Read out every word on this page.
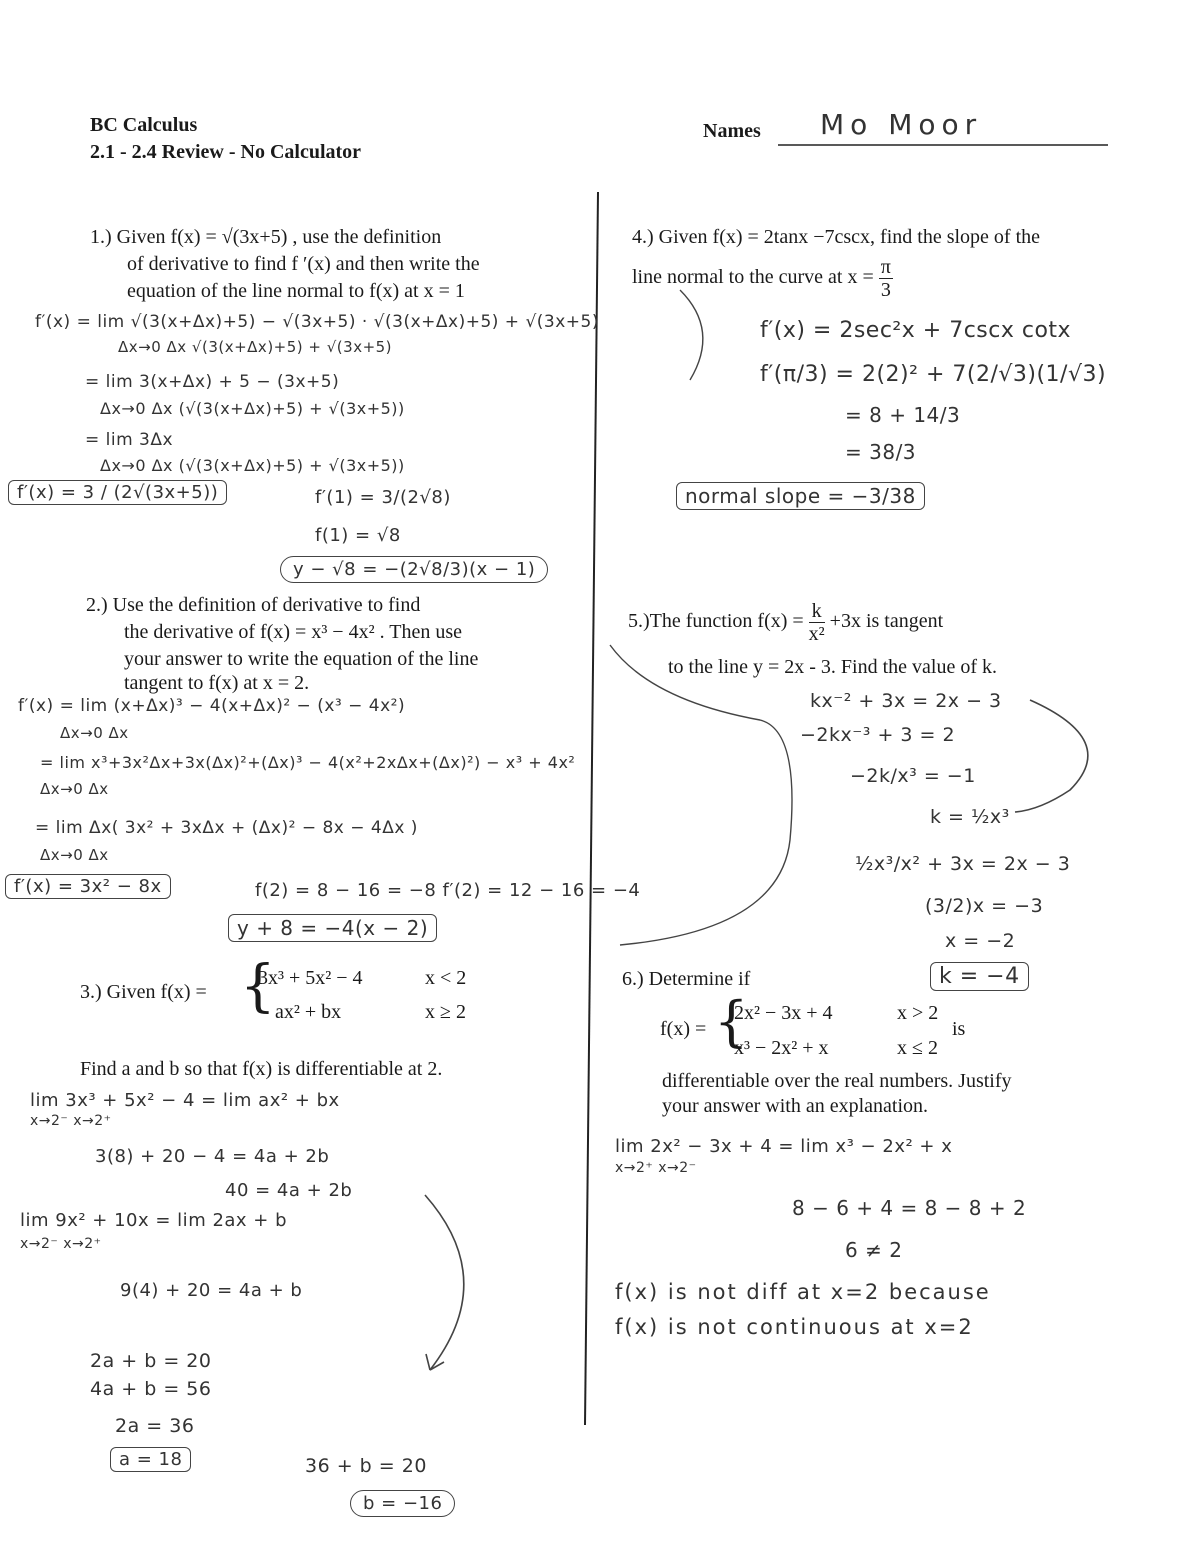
BC Calculus
2.1 - 2.4 Review - No Calculator
Names Mo Moor
1.) Given f(x) = √(3x+5) , use the definition
of derivative to find f ′(x) and then write the
equation of the line normal to f(x) at x = 1
f′(x) = lim √(3(x+Δx)+5) − √(3x+5) · √(3(x+Δx)+5) + √(3x+5)
Δx→0 Δx √(3(x+Δx)+5) + √(3x+5)
= lim 3(x+Δx) + 5 − (3x+5)
Δx→0 Δx (√(3(x+Δx)+5) + √(3x+5))
= lim 3Δx
Δx→0 Δx (√(3(x+Δx)+5) + √(3x+5))
f′(x) = 3 / (2√(3x+5))	f′(1) = 3/(2√8)
f(1) = √8
y − √8 = −(2√8/3)(x − 1)
2.) Use the definition of derivative to find
the derivative of f(x) = x³ − 4x² . Then use
your answer to write the equation of the line
tangent to f(x) at x = 2.
f′(x) = lim (x+Δx)³ − 4(x+Δx)² − (x³ − 4x²)
Δx→0 Δx
= lim x³+3x²Δx+3x(Δx)²+(Δx)³ − 4(x²+2xΔx+(Δx)²) − x³ + 4x²
Δx→0 Δx
= lim Δx( 3x² + 3xΔx + (Δx)² − 8x − 4Δx )
Δx→0 Δx
f′(x) = 3x² − 8x	f(2) = 8 − 16 = −8 f′(2) = 12 − 16 = −4
y + 8 = −4(x − 2)
3.) Given f(x) = {
3x³ + 5x² − 4	x < 2
ax² + bx	x ≥ 2
Find a and b so that f(x) is differentiable at 2.
lim 3x³ + 5x² − 4 = lim ax² + bx
x→2⁻ x→2⁺
3(8) + 20 − 4 = 4a + 2b
40 = 4a + 2b
lim 9x² + 10x = lim 2ax + b
x→2⁻ x→2⁺
9(4) + 20 = 4a + b
2a + b = 20
4a + b = 56
2a = 36
a = 18	36 + b = 20
b = −16
4.) Given f(x) = 2tanx −7cscx, find the slope of the
line normal to the curve at $x = \frac{\pi}{3}$
f′(x) = 2sec²x + 7cscx cotx
f′(π/3) = 2(2)² + 7(2/√3)(1/√3)
= 8 + 14/3
= 38/3
normal slope = −3/38
5.)The function $f(x) = \frac{k}{\text{x²}} +3x$ is tangent
to the line y = 2x - 3. Find the value of k.
kx⁻² + 3x = 2x − 3
−2kx⁻³ + 3 = 2
−2k/x³ = −1
k = ½x³
½x³/x² + 3x = 2x − 3
(3/2)x = −3
x = −2
k = −4
6.) Determine if
f(x) = {
2x² − 3x + 4	x > 2
x³ − 2x² + x	x ≤ 2
is
differentiable over the real numbers. Justify
your answer with an explanation.
lim 2x² − 3x + 4 = lim x³ − 2x² + x
x→2⁺ x→2⁻
8 − 6 + 4 = 8 − 8 + 2
6 ≠ 2
f(x) is not diff at x=2 because
f(x) is not continuous at x=2
